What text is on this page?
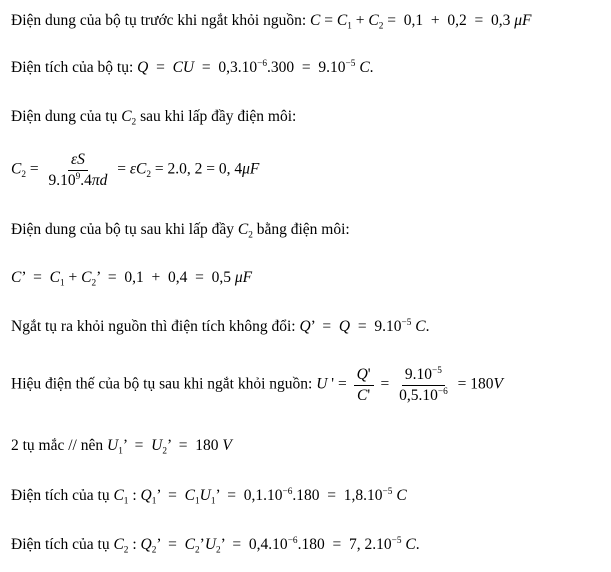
Điện dung của bộ tụ trước khi ngắt khỏi nguồn: $C = C_1 + C_2 = 0,1 + 0,2 = 0,3$ μF
Điện tích của bộ tụ: Q  =  CU  =  $0,3.10^{-6}.300 = 9.10^{-5}$ C.
Điện dung của tụ $C_2$ sau khi lấp đầy điện môi:
$C_2 = \frac{\varepsilon S}{9.10^9.4\pi d} = \varepsilon C_2 = 2.0$, 2 = 0, 4μF
Điện dung của bộ tụ sau khi lấp đầy $C_2$ bằng điện môi:
C’  =  $C_1 + C_2$’  =  0,1  +  0,4  =  0,5 μF
Ngắt tụ ra khỏi nguồn thì điện tích không đổi: Q’  =  $Q = 9.10^{-5}$ C.
Hiệu điện thế của bộ tụ sau khi ngắt khỏi nguồn: U ' = $\frac{Q'}{C'} = \frac{9.10^{-5}}{0,5.10^{-6}} = 180V$
2 tụ mắc // nên $U_1$’  =  $U_2$’  =  180 V
Điện tích của tụ $C_1$ : $Q_1$’  =  $C_1U_1$’  =  $0,1.10^{-6}.180 = 1,8.10^{-5}$ C
Điện tích của tụ $C_2$ : $Q_2$’  =  $C_2’U_2$’  =  $0,4.10^{-6}.180 = 7$, $2.10^{-5}$ C.
